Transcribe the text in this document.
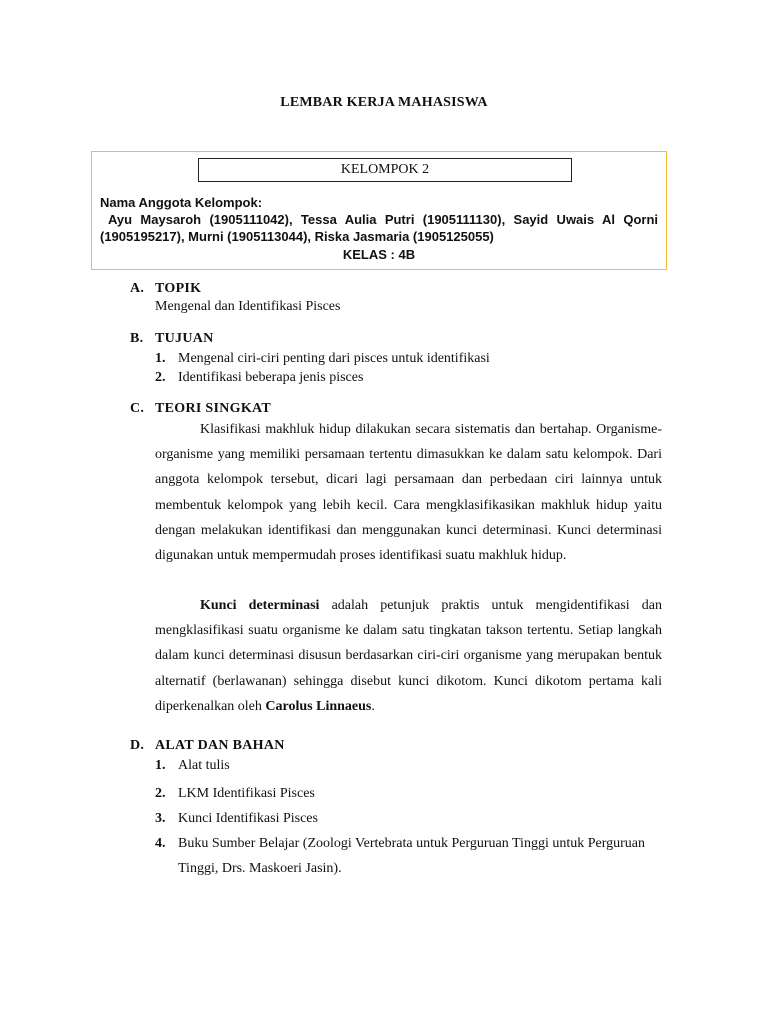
LEMBAR KERJA MAHASISWA
KELOMPOK 2
Nama Anggota Kelompok:
Ayu Maysaroh (1905111042), Tessa Aulia Putri (1905111130), Sayid Uwais Al Qorni (1905195217), Murni (1905113044), Riska Jasmaria (1905125055)
KELAS : 4B
A. TOPIK
Mengenal dan Identifikasi Pisces
B. TUJUAN
1. Mengenal ciri-ciri penting dari pisces untuk identifikasi
2. Identifikasi beberapa jenis pisces
C. TEORI SINGKAT
Klasifikasi makhluk hidup dilakukan secara sistematis dan bertahap. Organisme-organisme yang memiliki persamaan tertentu dimasukkan ke dalam satu kelompok. Dari anggota kelompok tersebut, dicari lagi persamaan dan perbedaan ciri lainnya untuk membentuk kelompok yang lebih kecil. Cara mengklasifikasikan makhluk hidup yaitu dengan melakukan identifikasi dan menggunakan kunci determinasi. Kunci determinasi digunakan untuk mempermudah proses identifikasi suatu makhluk hidup.
Kunci determinasi adalah petunjuk praktis untuk mengidentifikasi dan mengklasifikasi suatu organisme ke dalam satu tingkatan takson tertentu. Setiap langkah dalam kunci determinasi disusun berdasarkan ciri-ciri organisme yang merupakan bentuk alternatif (berlawanan) sehingga disebut kunci dikotom. Kunci dikotom pertama kali diperkenalkan oleh Carolus Linnaeus.
D. ALAT DAN BAHAN
1. Alat tulis
2. LKM Identifikasi Pisces
3. Kunci Identifikasi Pisces
4. Buku Sumber Belajar (Zoologi Vertebrata untuk Perguruan Tinggi untuk Perguruan Tinggi, Drs. Maskoeri Jasin).
